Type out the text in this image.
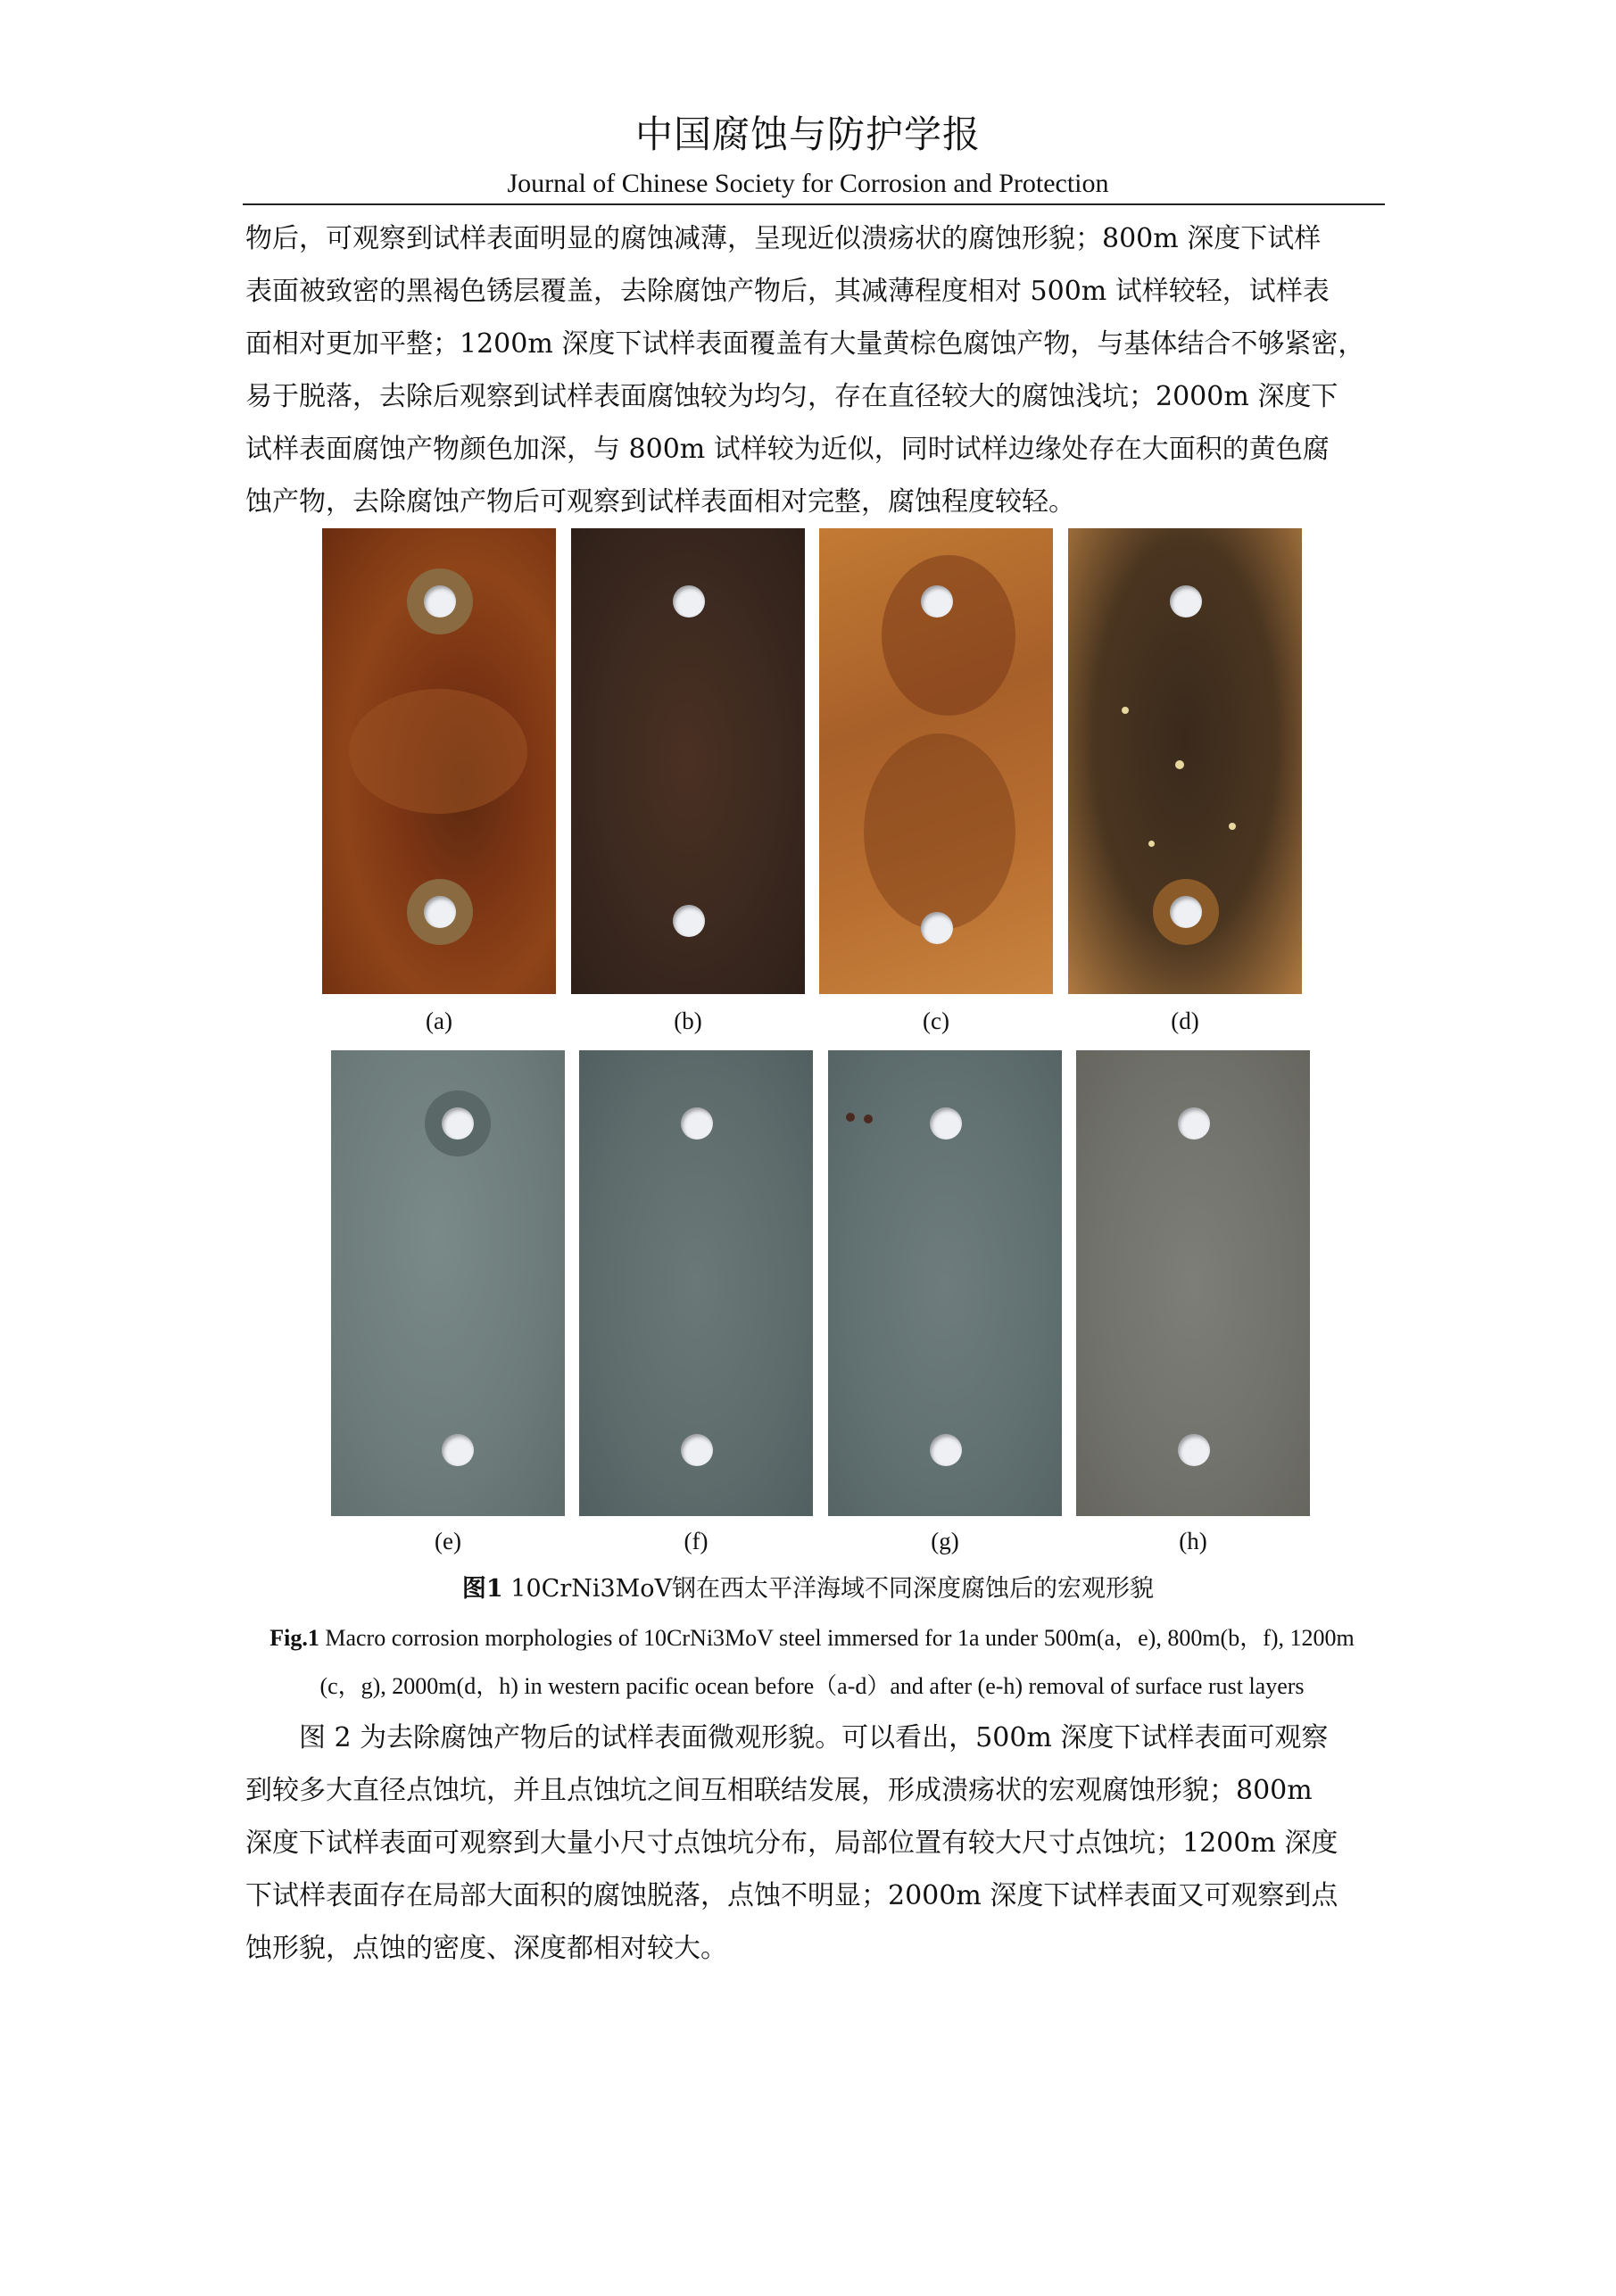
中国腐蚀与防护学报
Journal of Chinese Society for Corrosion and Protection
物后，可观察到试样表面明显的腐蚀减薄，呈现近似溃疡状的腐蚀形貌；800m 深度下试样
表面被致密的黑褐色锈层覆盖，去除腐蚀产物后，其减薄程度相对 500m 试样较轻，试样表
面相对更加平整；1200m 深度下试样表面覆盖有大量黄棕色腐蚀产物，与基体结合不够紧密，
易于脱落，去除后观察到试样表面腐蚀较为均匀，存在直径较大的腐蚀浅坑；2000m 深度下
试样表面腐蚀产物颜色加深，与 800m 试样较为近似，同时试样边缘处存在大面积的黄色腐
蚀产物，去除腐蚀产物后可观察到试样表面相对完整，腐蚀程度较轻。
(a)	(b)	(c)	(d)
(e)	(f)	(g)	(h)
图1 10CrNi3MoV钢在西太平洋海域不同深度腐蚀后的宏观形貌
Fig.1 Macro corrosion morphologies of 10CrNi3MoV steel immersed for 1a under 500m(a，e), 800m(b，f), 1200m
(c，g), 2000m(d，h) in western pacific ocean before（a-d）and after (e-h) removal of surface rust layers
　　图 2 为去除腐蚀产物后的试样表面微观形貌。可以看出，500m 深度下试样表面可观察
到较多大直径点蚀坑，并且点蚀坑之间互相联结发展，形成溃疡状的宏观腐蚀形貌；800m
深度下试样表面可观察到大量小尺寸点蚀坑分布，局部位置有较大尺寸点蚀坑；1200m 深度
下试样表面存在局部大面积的腐蚀脱落，点蚀不明显；2000m 深度下试样表面又可观察到点
蚀形貌，点蚀的密度、深度都相对较大。
